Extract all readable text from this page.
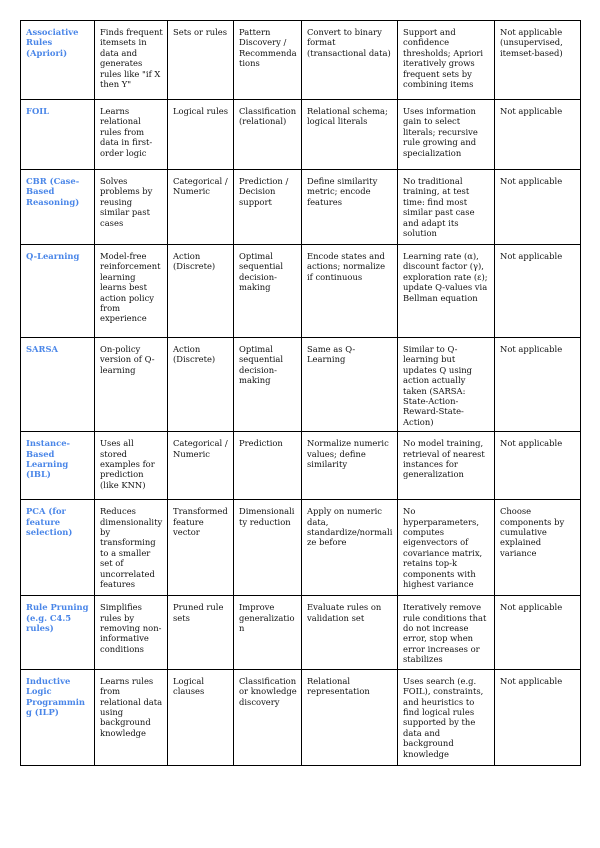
Associative Rules (Apriori)	Finds frequent itemsets in data and generates rules like "if X then Y"	Sets or rules	Pattern Discovery / Recommendations	Convert to binary format (transactional data)	Support and confidence thresholds; Apriori iteratively grows frequent sets by combining items	Not applicable (unsupervised, itemset-based)
FOIL	Learns relational rules from data in first-order logic	Logical rules	Classification (relational)	Relational schema; logical literals	Uses information gain to select literals; recursive rule growing and specialization	Not applicable
CBR (Case-Based Reasoning)	Solves problems by reusing similar past cases	Categorical / Numeric	Prediction / Decision support	Define similarity metric; encode features	No traditional training, at test time: find most similar past case and adapt its solution	Not applicable
Q-Learning	Model-free reinforcement learning learns best action policy from experience	Action (Discrete)	Optimal sequential decision-making	Encode states and actions; normalize if continuous	Learning rate (α), discount factor (γ), exploration rate (ε); update Q-values via Bellman equation	Not applicable
SARSA	On-policy version of Q-learning	Action (Discrete)	Optimal sequential decision-making	Same as Q-Learning	Similar to Q-learning but updates Q using action actually taken (SARSA: State-Action-Reward-State-Action)	Not applicable
Instance-Based Learning (IBL)	Uses all stored examples for prediction (like KNN)	Categorical / Numeric	Prediction	Normalize numeric values; define similarity	No model training, retrieval of nearest instances for generalization	Not applicable
PCA (for feature selection)	Reduces dimensionality by transforming to a smaller set of uncorrelated features	Transformed feature vector	Dimensionality reduction	Apply on numeric data, standardize/normalize before	No hyperparameters, computes eigenvectors of covariance matrix, retains top-k components with highest variance	Choose components by cumulative explained variance
Rule Pruning (e.g. C4.5 rules)	Simplifies rules by removing non-informative conditions	Pruned rule sets	Improve generalization	Evaluate rules on validation set	Iteratively remove rule conditions that do not increase error, stop when error increases or stabilizes	Not applicable
Inductive Logic Programming (ILP)	Learns rules from relational data using background knowledge	Logical clauses	Classification or knowledge discovery	Relational representation	Uses search (e.g. FOIL), constraints, and heuristics to find logical rules supported by the data and background knowledge	Not applicable
